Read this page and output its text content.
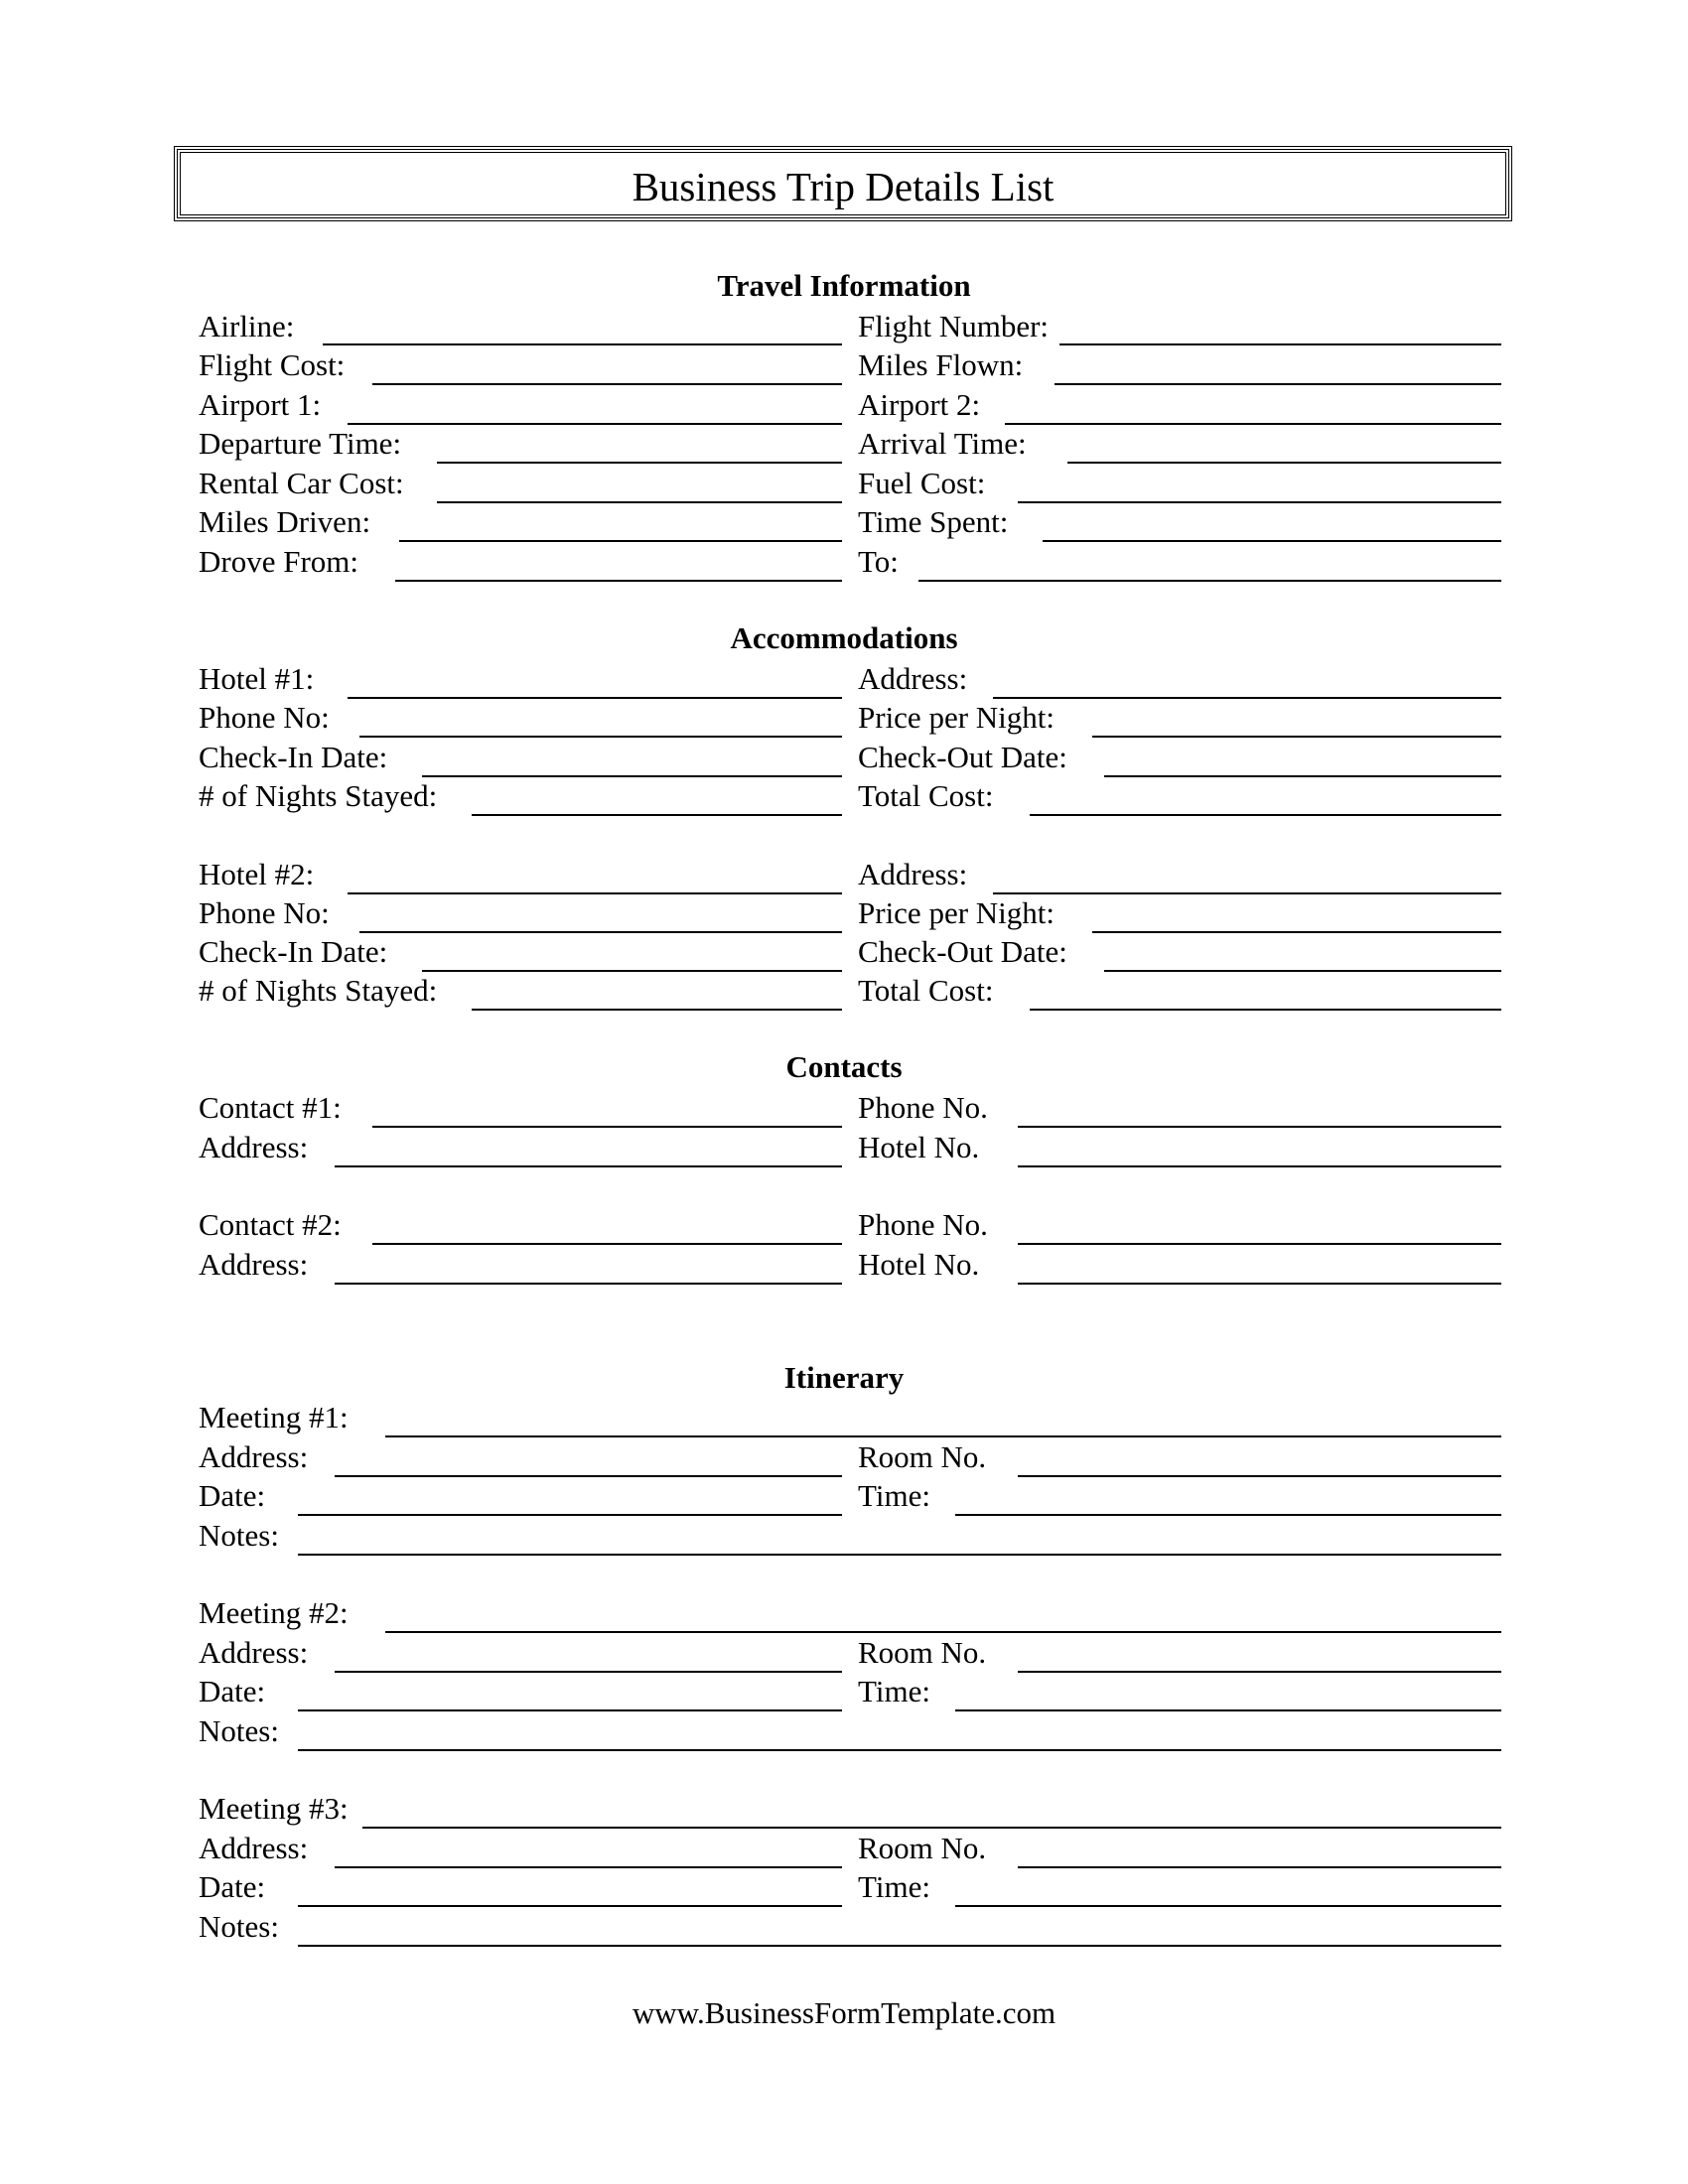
Business Trip Details List
Travel Information
Airline:	Flight Number:
Flight Cost:	Miles Flown:
Airport 1:	Airport 2:
Departure Time:	Arrival Time:
Rental Car Cost:	Fuel Cost:
Miles Driven:	Time Spent:
Drove From:	To:
Accommodations
Hotel #1:	Address:
Phone No:	Price per Night:
Check-In Date:	Check-Out Date:
# of Nights Stayed:	Total Cost:
Hotel #2:	Address:
Phone No:	Price per Night:
Check-In Date:	Check-Out Date:
# of Nights Stayed:	Total Cost:
Contacts
Contact #1:	Phone No.
Address:	Hotel No.
Contact #2:	Phone No.
Address:	Hotel No.
Itinerary
Meeting #1:
Address:	Room No.
Date:	Time:
Notes:
Meeting #2:
Address:	Room No.
Date:	Time:
Notes:
Meeting #3:
Address:	Room No.
Date:	Time:
Notes:
www.BusinessFormTemplate.com
